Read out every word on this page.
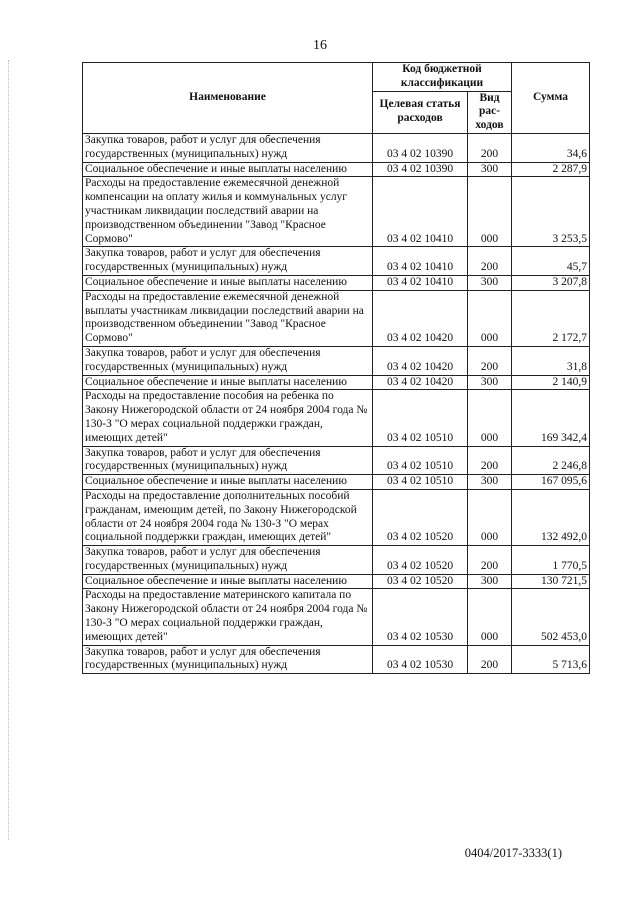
16
Наименование	Код бюджетной классификации		Сумма
	Целевая статья расходов	Вид рас-ходов	
Закупка товаров, работ и услуг для обеспечения государственных (муниципальных) нужд	03 4 02 10390	200	34,6
Социальное обеспечение и иные выплаты населению	03 4 02 10390	300	2 287,9
Расходы на предоставление ежемесячной денежной компенсации на оплату жилья и коммунальных услуг участникам ликвидации последствий аварии на производственном объединении "Завод "Красное Сормово"	03 4 02 10410	000	3 253,5
Закупка товаров, работ и услуг для обеспечения государственных (муниципальных) нужд	03 4 02 10410	200	45,7
Социальное обеспечение и иные выплаты населению	03 4 02 10410	300	3 207,8
Расходы на предоставление ежемесячной денежной выплаты участникам ликвидации последствий аварии на производственном объединении "Завод "Красное Сормово"	03 4 02 10420	000	2 172,7
Закупка товаров, работ и услуг для обеспечения государственных (муниципальных) нужд	03 4 02 10420	200	31,8
Социальное обеспечение и иные выплаты населению	03 4 02 10420	300	2 140,9
Расходы на предоставление пособия на ребенка по Закону Нижегородской области от 24 ноября 2004 года № 130-З "О мерах социальной поддержки граждан, имеющих детей"	03 4 02 10510	000	169 342,4
Закупка товаров, работ и услуг для обеспечения государственных (муниципальных) нужд	03 4 02 10510	200	2 246,8
Социальное обеспечение и иные выплаты населению	03 4 02 10510	300	167 095,6
Расходы на предоставление дополнительных пособий гражданам, имеющим детей, по Закону Нижегородской области от 24 ноября 2004 года № 130-З "О мерах социальной поддержки граждан, имеющих детей"	03 4 02 10520	000	132 492,0
Закупка товаров, работ и услуг для обеспечения государственных (муниципальных) нужд	03 4 02 10520	200	1 770,5
Социальное обеспечение и иные выплаты населению	03 4 02 10520	300	130 721,5
Расходы на предоставление материнского капитала по Закону Нижегородской области от 24 ноября 2004 года № 130-З "О мерах социальной поддержки граждан, имеющих детей"	03 4 02 10530	000	502 453,0
Закупка товаров, работ и услуг для обеспечения государственных (муниципальных) нужд	03 4 02 10530	200	5 713,6
0404/2017-3333(1)
